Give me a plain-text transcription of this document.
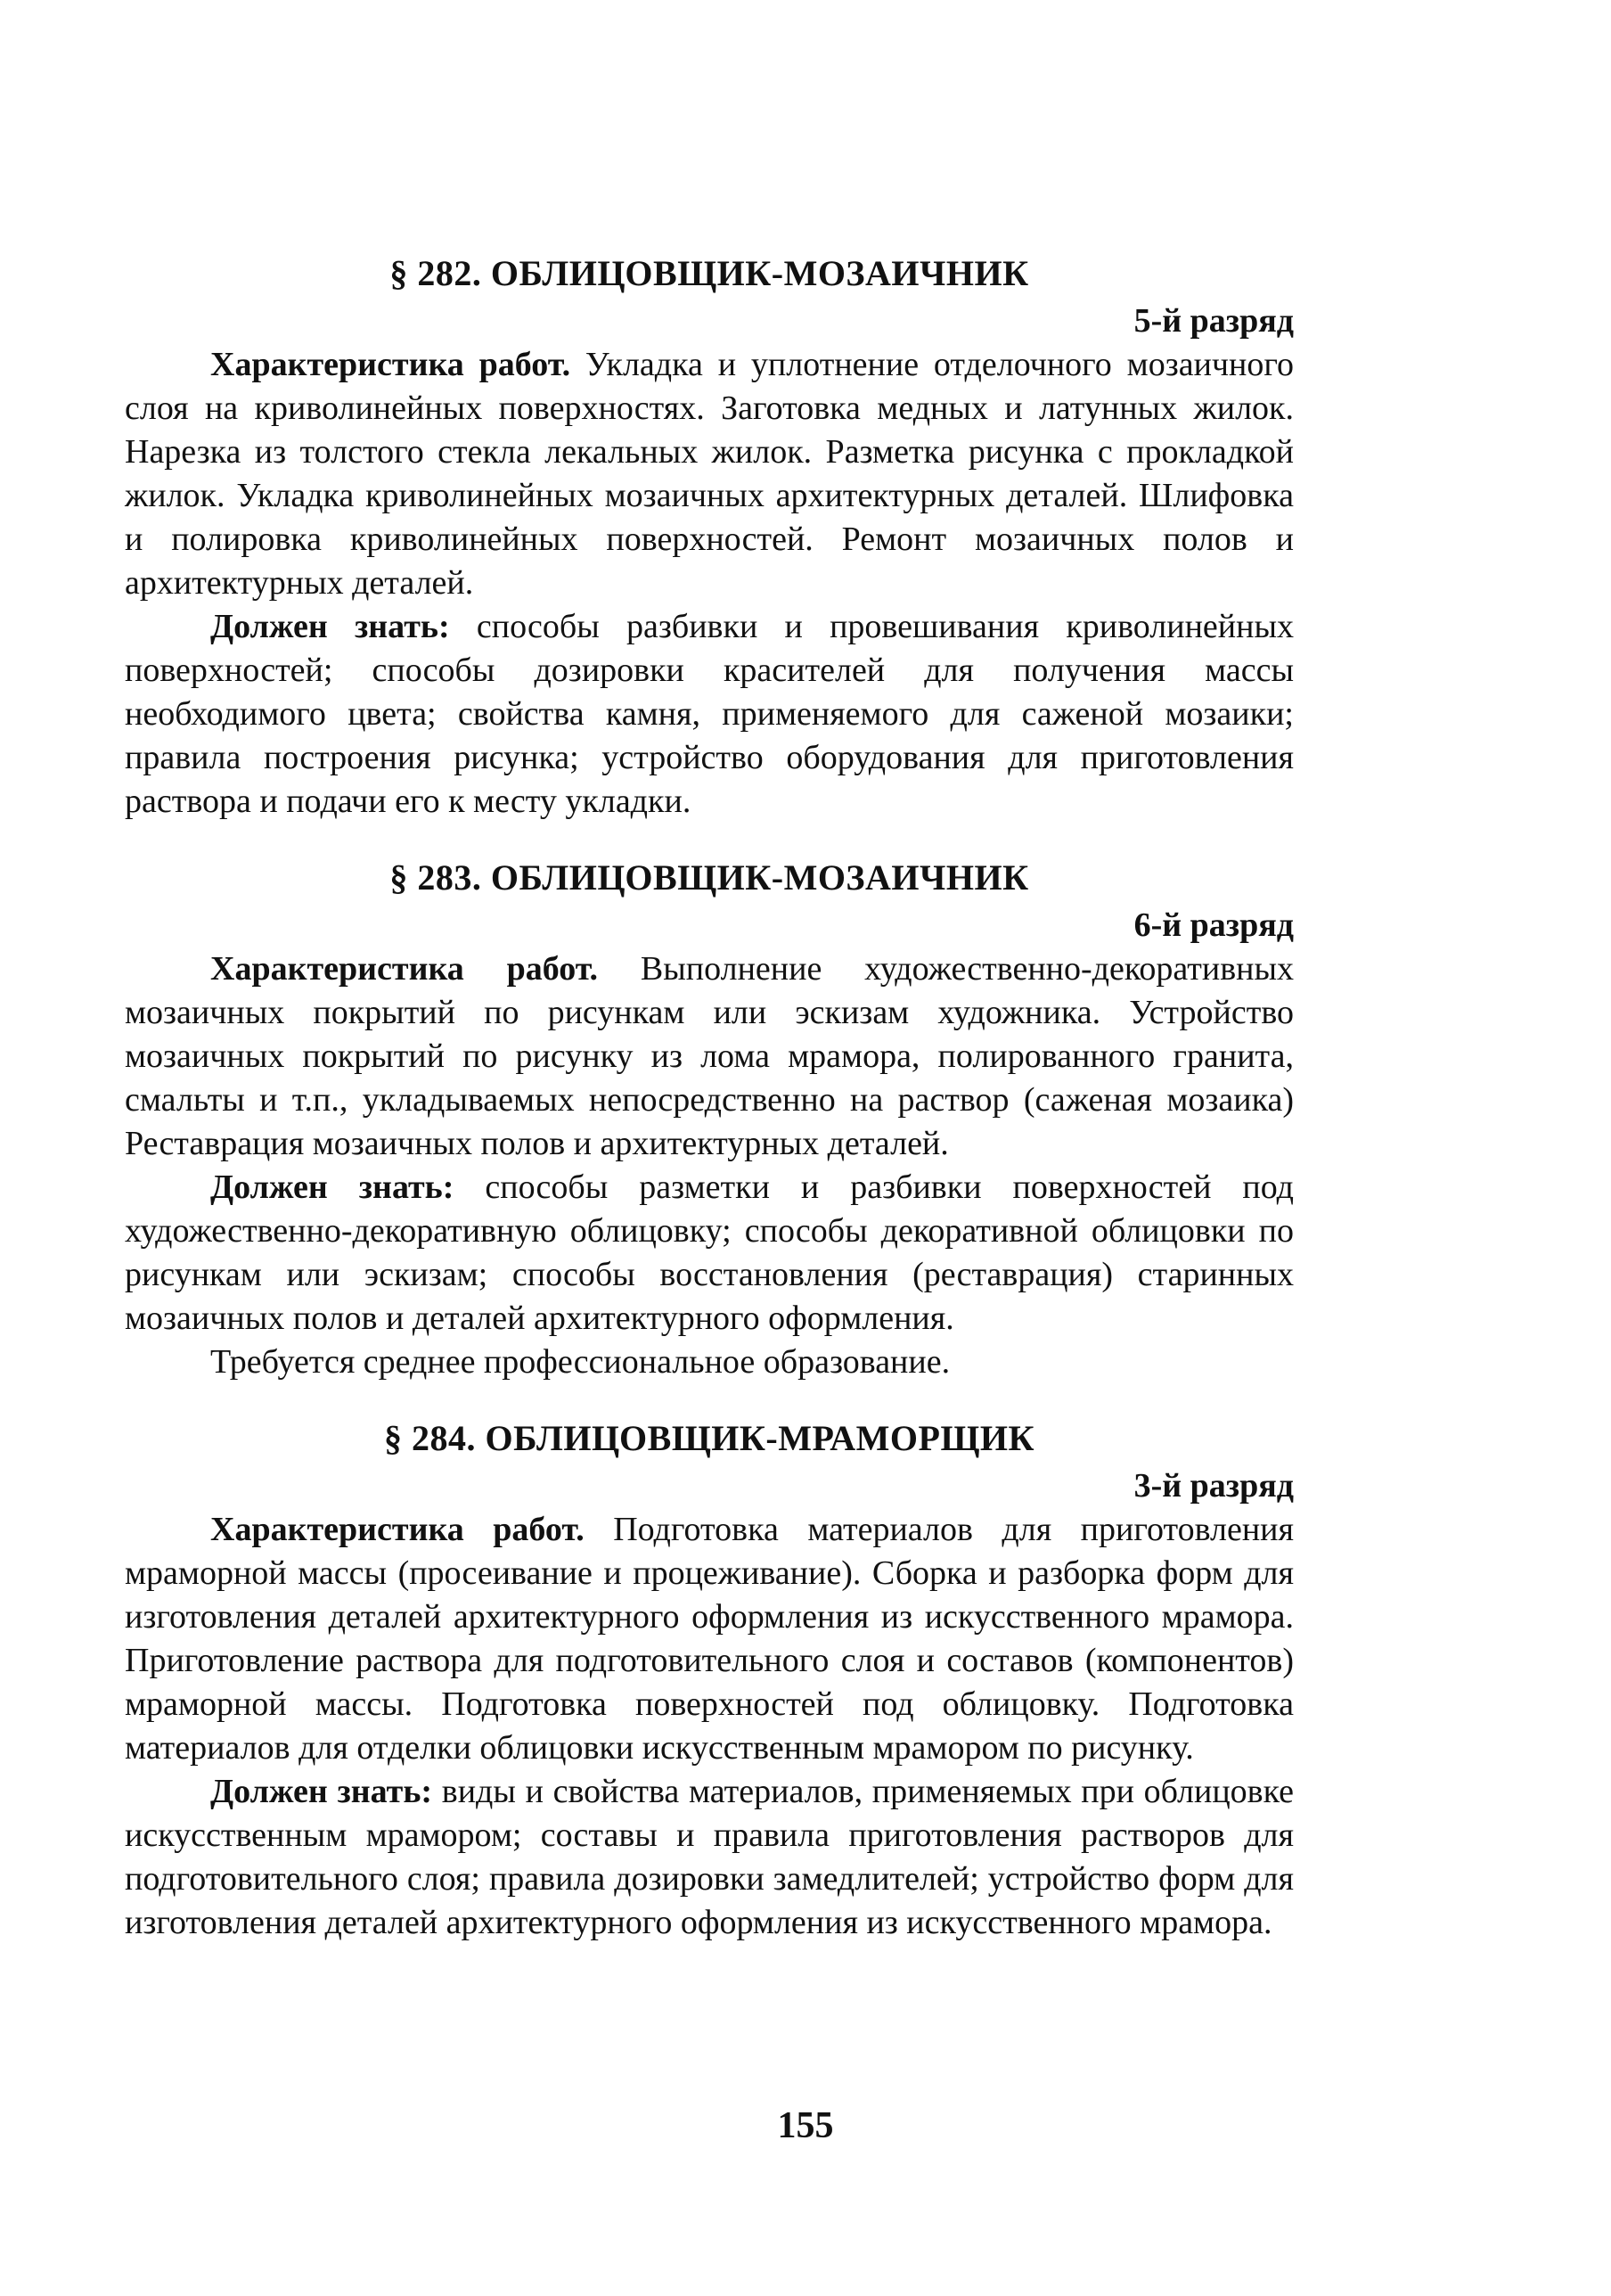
§ 282. ОБЛИЦОВЩИК-МОЗАИЧНИК

5-й разряд

Характеристика работ. Укладка и уплотнение отделочного мозаичного слоя на криволинейных поверхностях. Заготовка медных и латунных жилок. Нарезка из толстого стекла лекальных жилок. Разметка рисунка с прокладкой жилок. Укладка криволинейных мозаичных архитектурных деталей. Шлифовка и полировка криволинейных поверхностей. Ремонт мозаичных полов и архитектурных деталей.

Должен знать: способы разбивки и провешивания криволинейных поверхностей; способы дозировки красителей для получения массы необходимого цвета; свойства камня, применяемого для саженой мозаики; правила построения рисунка; устройство оборудования для приготовления раствора и подачи его к месту укладки.

§ 283. ОБЛИЦОВЩИК-МОЗАИЧНИК

6-й разряд

Характеристика работ. Выполнение художественно-декоративных мозаичных покрытий по рисункам или эскизам художника. Устройство мозаичных покрытий по рисунку из лома мрамора, полированного гранита, смальты и т.п., укладываемых непосредственно на раствор (саженая мозаика) Реставрация мозаичных полов и архитектурных деталей.

Должен знать: способы разметки и разбивки поверхностей под художественно-декоративную облицовку; способы декоративной облицовки по рисункам или эскизам; способы восстановления (реставрация) старинных мозаичных полов и деталей архитектурного оформления.

Требуется среднее профессиональное образование.

§ 284. ОБЛИЦОВЩИК-МРАМОРЩИК

3-й разряд

Характеристика работ. Подготовка материалов для приготовления мраморной массы (просеивание и процеживание). Сборка и разборка форм для изготовления деталей архитектурного оформления из искусственного мрамора. Приготовление раствора для подготовительного слоя и составов (компонентов) мраморной массы. Подготовка поверхностей под облицовку. Подготовка материалов для отделки облицовки искусственным мрамором по рисунку.

Должен знать: виды и свойства материалов, применяемых при облицовке искусственным мрамором; составы и правила приготовления растворов для подготовительного слоя; правила дозировки замедлителей; устройство форм для изготовления деталей архитектурного оформления из искусственного мрамора.

155
